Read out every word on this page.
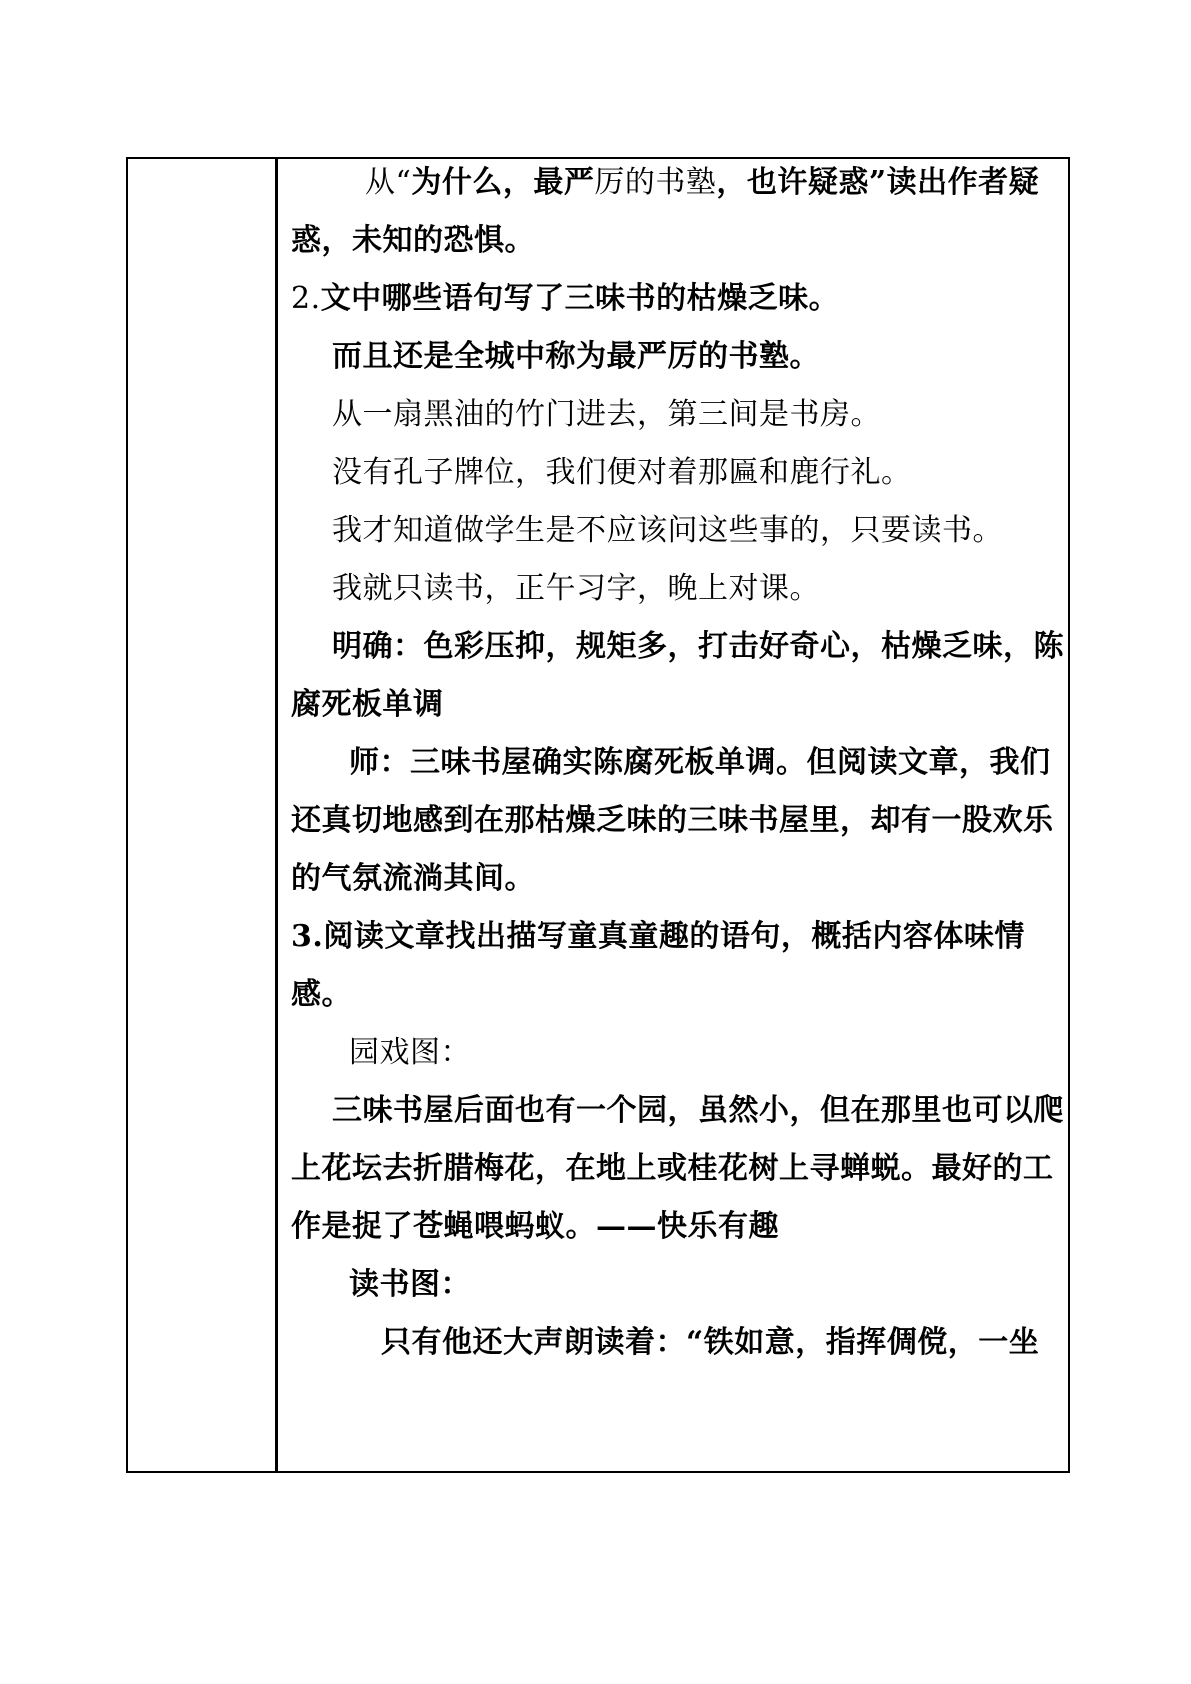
从“为什么，最严厉的书塾，也许疑惑”读出作者疑
惑，未知的恐惧。
2.文中哪些语句写了三味书的枯燥乏味。
而且还是全城中称为最严厉的书塾。
从一扇黑油的竹门进去，第三间是书房。
没有孔子牌位，我们便对着那匾和鹿行礼。
我才知道做学生是不应该问这些事的，只要读书。
我就只读书，正午习字，晚上对课。
明确：色彩压抑，规矩多，打击好奇心，枯燥乏味，陈
腐死板单调
师：三味书屋确实陈腐死板单调。但阅读文章，我们
还真切地感到在那枯燥乏味的三味书屋里，却有一股欢乐
的气氛流淌其间。
3.阅读文章找出描写童真童趣的语句，概括内容体味情
感。
园戏图：
三味书屋后面也有一个园，虽然小，但在那里也可以爬
上花坛去折腊梅花，在地上或桂花树上寻蝉蜕。最好的工
作是捉了苍蝇喂蚂蚁。——快乐有趣
读书图：
只有他还大声朗读着：“铁如意，指挥倜傥，一坐
